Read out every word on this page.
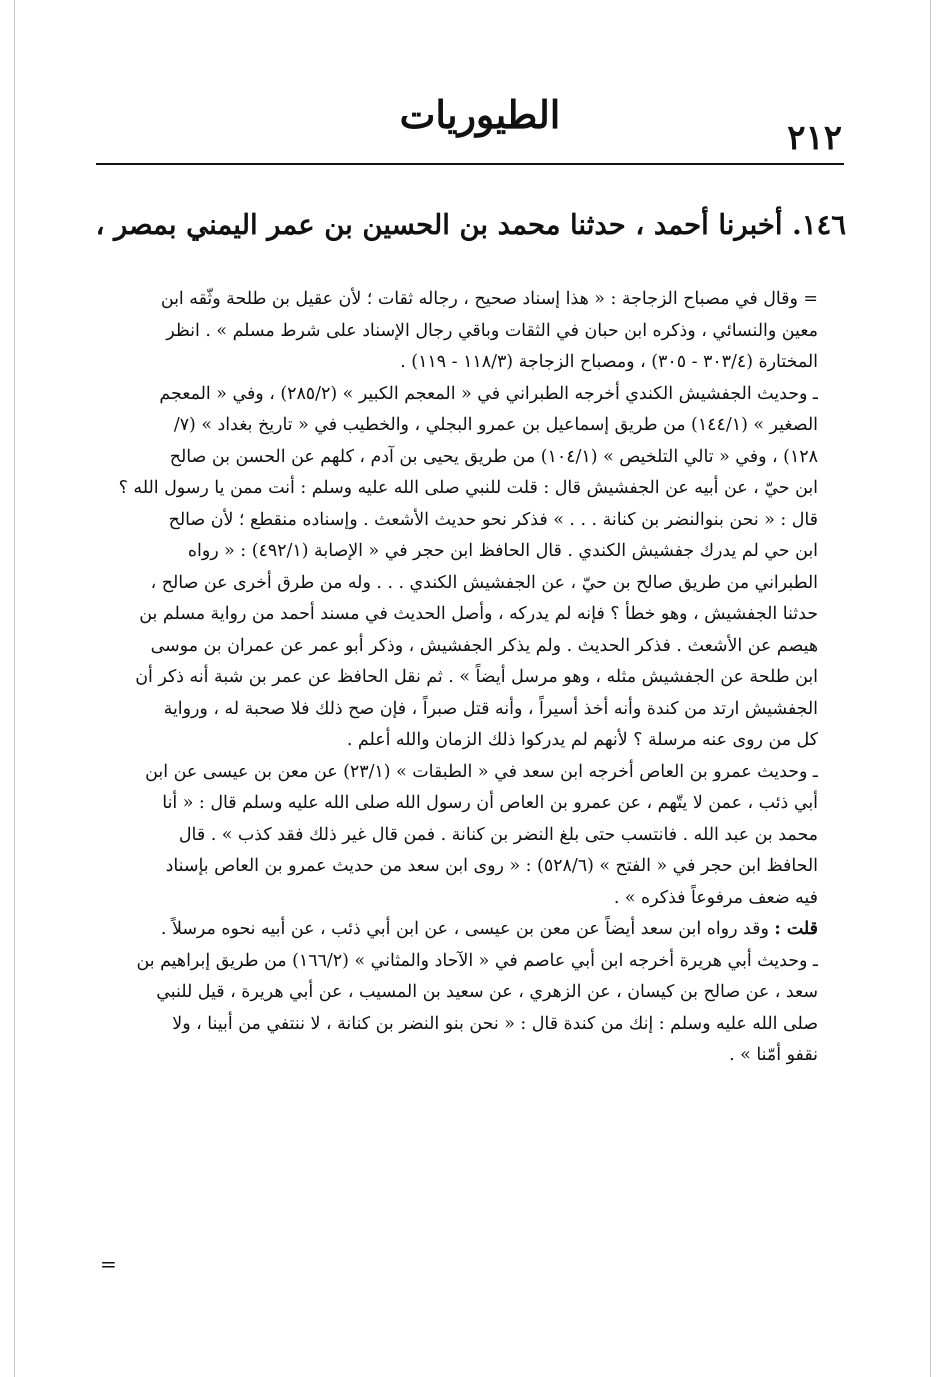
٢١٢
الطيوريات
١٤٦. أخبرنا أحمد ، حدثنا محمد بن الحسين بن عمر اليمني بمصر ،
= وقال في مصباح الزجاجة : « هذا إسناد صحيح ، رجاله ثقات ؛ لأن عقيل بن طلحة وثّقه ابن
معين والنسائي ، وذكره ابن حبان في الثقات وباقي رجال الإسناد على شرط مسلم » . انظر
المختارة (٣٠٣/٤ - ٣٠٥) ، ومصباح الزجاجة (١١٨/٣ - ١١٩) .
ـ وحديث الجفشيش الكندي أخرجه الطبراني في « المعجم الكبير » (٢٨٥/٢) ، وفي « المعجم
الصغير » (١٤٤/١) من طريق إسماعيل بن عمرو البجلي ، والخطيب في « تاريخ بغداد » (٧/
١٢٨) ، وفي « تالي التلخيص » (١٠٤/١) من طريق يحيى بن آدم ، كلهم عن الحسن بن صالح
ابن حيّ ، عن أبيه عن الجفشيش قال : قلت للنبي صلى الله عليه وسلم : أنت ممن يا رسول الله ؟
قال : « نحن بنوالنضر بن كنانة . . . » فذكر نحو حديث الأشعث . وإسناده منقطع ؛ لأن صالح
ابن حي لم يدرك جفشيش الكندي . قال الحافظ ابن حجر في « الإصابة (٤٩٢/١) : « رواه
الطبراني من طريق صالح بن حيّ ، عن الجفشيش الكندي . . . وله من طرق أخرى عن صالح ،
حدثنا الجفشيش ، وهو خطأ ؟ فإنه لم يدركه ، وأصل الحديث في مسند أحمد من رواية مسلم بن
هيصم عن الأشعث . فذكر الحديث . ولم يذكر الجفشيش ، وذكر أبو عمر عن عمران بن موسى
ابن طلحة عن الجفشيش مثله ، وهو مرسل أيضاً » . ثم نقل الحافظ عن عمر بن شبة أنه ذكر أن
الجفشيش ارتد من كندة وأنه أخذ أسيراً ، وأنه قتل صبراً ، فإن صح ذلك فلا صحبة له ، ورواية
كل من روى عنه مرسلة ؟ لأنهم لم يدركوا ذلك الزمان والله أعلم .
ـ وحديث عمرو بن العاص أخرجه ابن سعد في « الطبقات » (٢٣/١) عن معن بن عيسى عن ابن
أبي ذئب ، عمن لا يتّهم ، عن عمرو بن العاص أن رسول الله صلى الله عليه وسلم قال : « أنا
محمد بن عبد الله . فانتسب حتى بلغ النضر بن كنانة . فمن قال غير ذلك فقد كذب » . قال
الحافظ ابن حجر في « الفتح » (٥٢٨/٦) : « روى ابن سعد من حديث عمرو بن العاص بإسناد
فيه ضعف مرفوعاً فذكره » .
قلت : وقد رواه ابن سعد أيضاً عن معن بن عيسى ، عن ابن أبي ذئب ، عن أبيه نحوه مرسلاً .
ـ وحديث أبي هريرة أخرجه ابن أبي عاصم في « الآحاد والمثاني » (١٦٦/٢) من طريق إبراهيم بن
سعد ، عن صالح بن كيسان ، عن الزهري ، عن سعيد بن المسيب ، عن أبي هريرة ، قيل للنبي
صلى الله عليه وسلم : إنك من كندة قال : « نحن بنو النضر بن كنانة ، لا ننتفي من أبينا ، ولا
نقفو أمّنا » .
=
